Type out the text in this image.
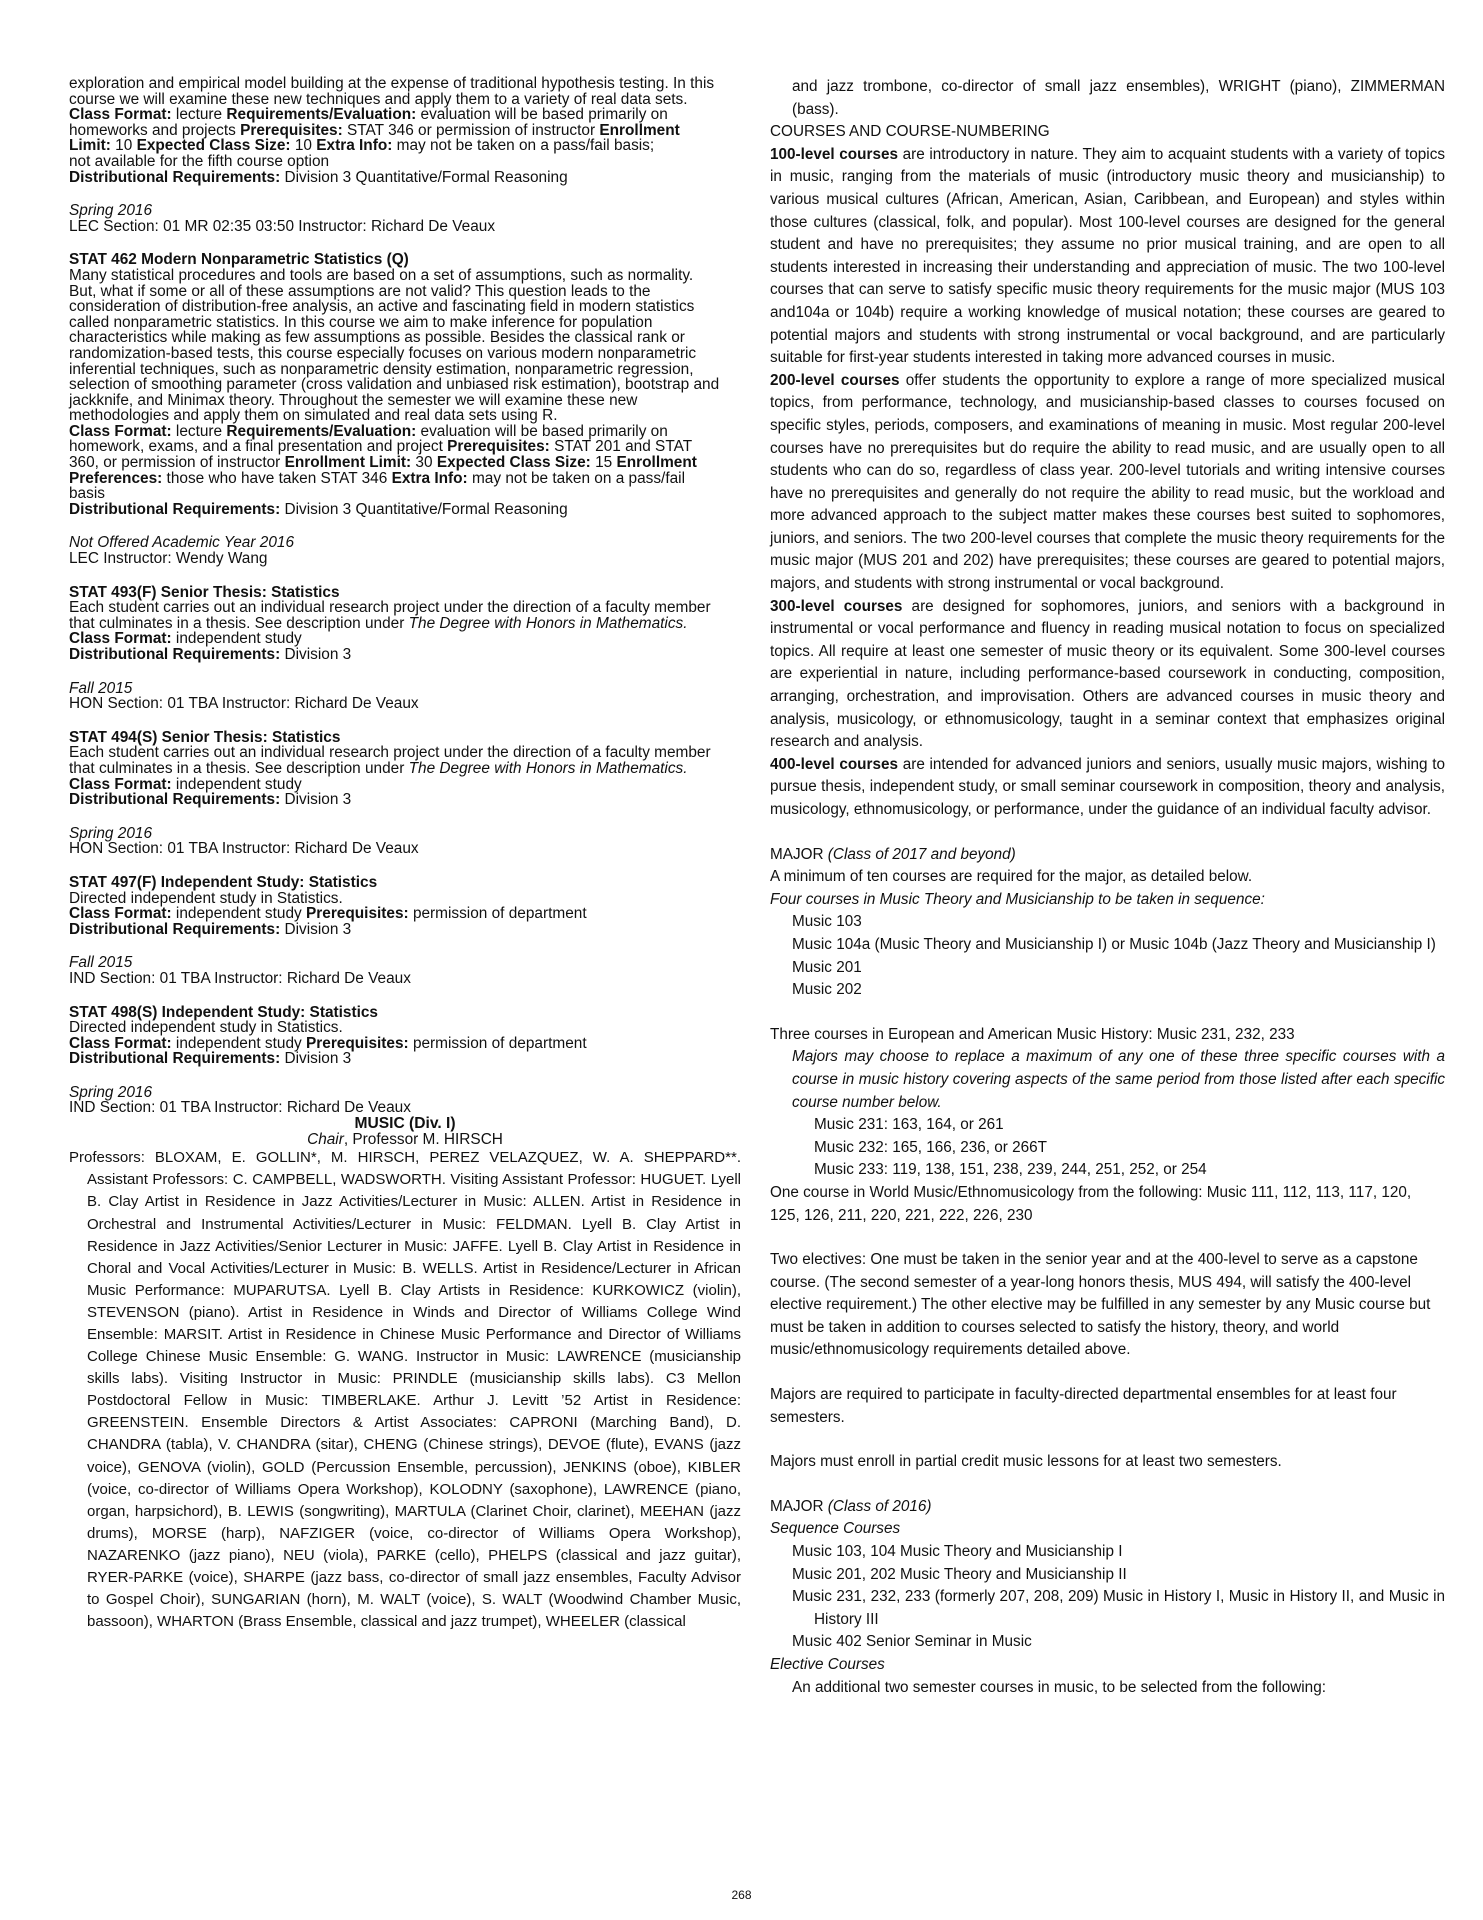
exploration and empirical model building at the expense of traditional hypothesis testing. In this

course we will examine these new techniques and apply them to a variety of real data sets.

Class Format: lecture Requirements/Evaluation: evaluation will be based primarily on

homeworks and projects Prerequisites: STAT 346 or permission of instructor Enrollment

Limit: 10 Expected Class Size: 10 Extra Info: may not be taken on a pass/fail basis;

not available for the fifth course option

Distributional Requirements: Division 3 Quantitative/Formal Reasoning

Spring 2016

LEC Section: 01 MR 02:35 03:50 Instructor: Richard De Veaux

STAT 462 Modern Nonparametric Statistics (Q)

Many statistical procedures and tools are based on a set of assumptions, such as normality.

But, what if some or all of these assumptions are not valid? This question leads to the

consideration of distribution-free analysis, an active and fascinating field in modern statistics

called nonparametric statistics. In this course we aim to make inference for population

characteristics while making as few assumptions as possible. Besides the classical rank or

randomization-based tests, this course especially focuses on various modern nonparametric

inferential techniques, such as nonparametric density estimation, nonparametric regression,

selection of smoothing parameter (cross validation and unbiased risk estimation), bootstrap and

jackknife, and Minimax theory. Throughout the semester we will examine these new

methodologies and apply them on simulated and real data sets using R.

Class Format: lecture Requirements/Evaluation: evaluation will be based primarily on

homework, exams, and a final presentation and project Prerequisites: STAT 201 and STAT

360, or permission of instructor Enrollment Limit: 30 Expected Class Size: 15 Enrollment

Preferences: those who have taken STAT 346 Extra Info: may not be taken on a pass/fail

basis

Distributional Requirements: Division 3 Quantitative/Formal Reasoning

Not Offered Academic Year 2016

LEC Instructor: Wendy Wang

STAT 493(F) Senior Thesis: Statistics

Each student carries out an individual research project under the direction of a faculty member

that culminates in a thesis. See description under The Degree with Honors in Mathematics.

Class Format: independent study

Distributional Requirements: Division 3

Fall 2015

HON Section: 01 TBA Instructor: Richard De Veaux

STAT 494(S) Senior Thesis: Statistics

Each student carries out an individual research project under the direction of a faculty member

that culminates in a thesis. See description under The Degree with Honors in Mathematics.

Class Format: independent study

Distributional Requirements: Division 3

Spring 2016

HON Section: 01 TBA Instructor: Richard De Veaux

STAT 497(F) Independent Study: Statistics

Directed independent study in Statistics.

Class Format: independent study Prerequisites: permission of department

Distributional Requirements: Division 3

Fall 2015

IND Section: 01 TBA Instructor: Richard De Veaux

STAT 498(S) Independent Study: Statistics

Directed independent study in Statistics.

Class Format: independent study Prerequisites: permission of department

Distributional Requirements: Division 3

Spring 2016

IND Section: 01 TBA Instructor: Richard De Veaux

MUSIC (Div. I)

Chair, Professor M. HIRSCH

Professors: BLOXAM, E. GOLLIN*, M. HIRSCH, PEREZ VELAZQUEZ, W. A. SHEPPARD**. Assistant Professors: C. CAMPBELL, WADSWORTH. Visiting Assistant Professor: HUGUET. Lyell B. Clay Artist in Residence in Jazz Activities/Lecturer in Music: ALLEN. Artist in Residence in Orchestral and Instrumental Activities/Lecturer in Music: FELDMAN. Lyell B. Clay Artist in Residence in Jazz Activities/Senior Lecturer in Music: JAFFE. Lyell B. Clay Artist in Residence in Choral and Vocal Activities/Lecturer in Music: B. WELLS. Artist in Residence/Lecturer in African Music Performance: MUPARUTSA. Lyell B. Clay Artists in Residence: KURKOWICZ (violin), STEVENSON (piano). Artist in Residence in Winds and Director of Williams College Wind Ensemble: MARSIT. Artist in Residence in Chinese Music Performance and Director of Williams College Chinese Music Ensemble: G. WANG. Instructor in Music: LAWRENCE (musicianship skills labs). Visiting Instructor in Music: PRINDLE (musicianship skills labs). C3 Mellon Postdoctoral Fellow in Music: TIMBERLAKE. Arthur J. Levitt ’52 Artist in Residence: GREENSTEIN. Ensemble Directors & Artist Associates: CAPRONI (Marching Band), D. CHANDRA (tabla), V. CHANDRA (sitar), CHENG (Chinese strings), DEVOE (flute), EVANS (jazz voice), GENOVA (violin), GOLD (Percussion Ensemble, percussion), JENKINS (oboe), KIBLER (voice, co-director of Williams Opera Workshop), KOLODNY (saxophone), LAWRENCE (piano, organ, harpsichord), B. LEWIS (songwriting), MARTULA (Clarinet Choir, clarinet), MEEHAN (jazz drums), MORSE (harp), NAFZIGER (voice, co-director of Williams Opera Workshop), NAZARENKO (jazz piano), NEU (viola), PARKE (cello), PHELPS (classical and jazz guitar), RYER-PARKE (voice), SHARPE (jazz bass, co-director of small jazz ensembles, Faculty Advisor to Gospel Choir), SUNGARIAN (horn), M. WALT (voice), S. WALT (Woodwind Chamber Music, bassoon), WHARTON (Brass Ensemble, classical and jazz trumpet), WHEELER (classical

and jazz trombone, co-director of small jazz ensembles), WRIGHT (piano), ZIMMERMAN (bass).

COURSES AND COURSE-NUMBERING

100-level courses are introductory in nature. They aim to acquaint students with a variety of topics in music, ranging from the materials of music (introductory music theory and musicianship) to various musical cultures (African, American, Asian, Caribbean, and European) and styles within those cultures (classical, folk, and popular). Most 100-level courses are designed for the general student and have no prerequisites; they assume no prior musical training, and are open to all students interested in increasing their understanding and appreciation of music. The two 100-level courses that can serve to satisfy specific music theory requirements for the music major (MUS 103 and104a or 104b) require a working knowledge of musical notation; these courses are geared to potential majors and students with strong instrumental or vocal background, and are particularly suitable for first-year students interested in taking more advanced courses in music.

200-level courses offer students the opportunity to explore a range of more specialized musical topics, from performance, technology, and musicianship-based classes to courses focused on specific styles, periods, composers, and examinations of meaning in music. Most regular 200-level courses have no prerequisites but do require the ability to read music, and are usually open to all students who can do so, regardless of class year. 200-level tutorials and writing intensive courses have no prerequisites and generally do not require the ability to read music, but the workload and more advanced approach to the subject matter makes these courses best suited to sophomores, juniors, and seniors. The two 200-level courses that complete the music theory requirements for the music major (MUS 201 and 202) have prerequisites; these courses are geared to potential majors, majors, and students with strong instrumental or vocal background.

300-level courses are designed for sophomores, juniors, and seniors with a background in instrumental or vocal performance and fluency in reading musical notation to focus on specialized topics. All require at least one semester of music theory or its equivalent. Some 300-level courses are experiential in nature, including performance-based coursework in conducting, composition, arranging, orchestration, and improvisation. Others are advanced courses in music theory and analysis, musicology, or ethnomusicology, taught in a seminar context that emphasizes original research and analysis.

400-level courses are intended for advanced juniors and seniors, usually music majors, wishing to pursue thesis, independent study, or small seminar coursework in composition, theory and analysis, musicology, ethnomusicology, or performance, under the guidance of an individual faculty advisor.

MAJOR (Class of 2017 and beyond)

A minimum of ten courses are required for the major, as detailed below.

Four courses in Music Theory and Musicianship to be taken in sequence:

Music 103

Music 104a (Music Theory and Musicianship I) or Music 104b (Jazz Theory and Musicianship I)

Music 201

Music 202

Three courses in European and American Music History: Music 231, 232, 233

Majors may choose to replace a maximum of any one of these three specific courses with a course in music history covering aspects of the same period from those listed after each specific course number below.

Music 231: 163, 164, or 261

Music 232: 165, 166, 236, or 266T

Music 233: 119, 138, 151, 238, 239, 244, 251, 252, or 254

One course in World Music/Ethnomusicology from the following: Music 111, 112, 113, 117, 120, 125, 126, 211, 220, 221, 222, 226, 230

Two electives: One must be taken in the senior year and at the 400-level to serve as a capstone course. (The second semester of a year-long honors thesis, MUS 494, will satisfy the 400-level elective requirement.) The other elective may be fulfilled in any semester by any Music course but must be taken in addition to courses selected to satisfy the history, theory, and world music/ethnomusicology requirements detailed above.

Majors are required to participate in faculty-directed departmental ensembles for at least four semesters.

Majors must enroll in partial credit music lessons for at least two semesters.

MAJOR (Class of 2016)

Sequence Courses

Music 103, 104 Music Theory and Musicianship I

Music 201, 202 Music Theory and Musicianship II

Music 231, 232, 233 (formerly 207, 208, 209) Music in History I, Music in History II, and Music in History III

Music 402 Senior Seminar in Music

Elective Courses

An additional two semester courses in music, to be selected from the following:

268
